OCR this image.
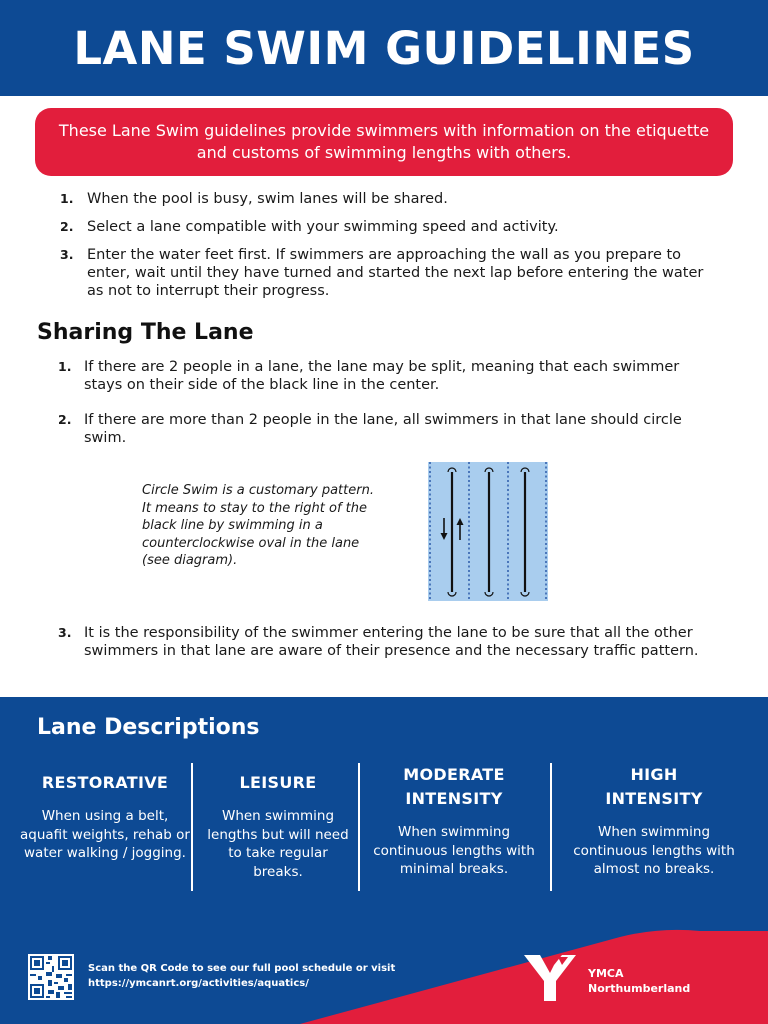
LANE SWIM GUIDELINES

These Lane Swim guidelines provide swimmers with information on the etiquette and customs of swimming lengths with others.

1. When the pool is busy, swim lanes will be shared.
2. Select a lane compatible with your swimming speed and activity.
3. Enter the water feet first. If swimmers are approaching the wall as you prepare to enter, wait until they have turned and started the next lap before entering the water as not to interrupt their progress.
Sharing The Lane
1. If there are 2 people in a lane, the lane may be split, meaning that each swimmer stays on their side of the black line in the center.
2. If there are more than 2 people in the lane, all swimmers in that lane should circle swim.

Circle Swim is a customary pattern. It means to stay to the right of the black line by swimming in a counterclockwise oval in the lane (see diagram).

3. It is the responsibility of the swimmer entering the lane to be sure that all the other swimmers in that lane are aware of their presence and the necessary traffic pattern.
Lane Descriptions
RESTORATIVE
When using a belt, aquafit weights, rehab or water walking / jogging.
LEISURE
When swimming lengths but will need to take regular breaks.
MODERATE INTENSITY
When swimming continuous lengths with minimal breaks.
HIGH INTENSITY
When swimming continuous lengths with almost no breaks.

Scan the QR Code to see our full pool schedule or visit https://ymcanrt.org/activities/aquatics/

YMCA
Northumberland
